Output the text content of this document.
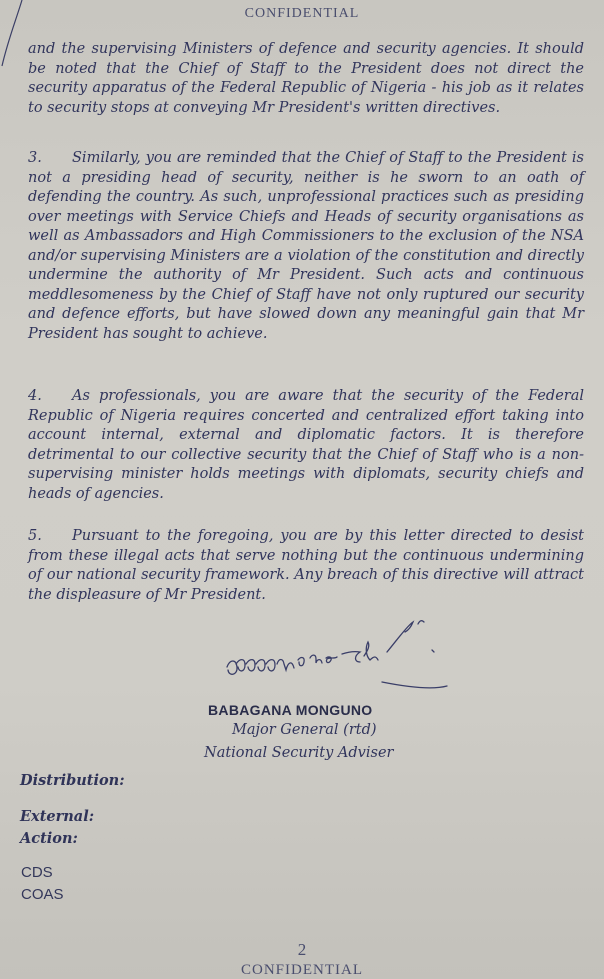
CONFIDENTIAL

and the supervising Ministers of defence and security agencies. It should be noted that the Chief of Staff to the President does not direct the security apparatus of the Federal Republic of Nigeria - his job as it relates to security stops at conveying Mr President's written directives.

3. Similarly, you are reminded that the Chief of Staff to the President is not a presiding head of security, neither is he sworn to an oath of defending the country. As such, unprofessional practices such as presiding over meetings with Service Chiefs and Heads of security organisations as well as Ambassadors and High Commissioners to the exclusion of the NSA and/or supervising Ministers are a violation of the constitution and directly undermine the authority of Mr President. Such acts and continuous meddlesomeness by the Chief of Staff have not only ruptured our security and defence efforts, but have slowed down any meaningful gain that Mr President has sought to achieve.

4. As professionals, you are aware that the security of the Federal Republic of Nigeria requires concerted and centralized effort taking into account internal, external and diplomatic factors. It is therefore detrimental to our collective security that the Chief of Staff who is a non-supervising minister holds meetings with diplomats, security chiefs and heads of agencies.

5. Pursuant to the foregoing, you are by this letter directed to desist from these illegal acts that serve nothing but the continuous undermining of our national security framework. Any breach of this directive will attract the displeasure of Mr President.

BABAGANA MONGUNO
Major General (rtd)
National Security Adviser
Distribution:
External:
Action:
CDS
COAS
2
CONFIDENTIAL
